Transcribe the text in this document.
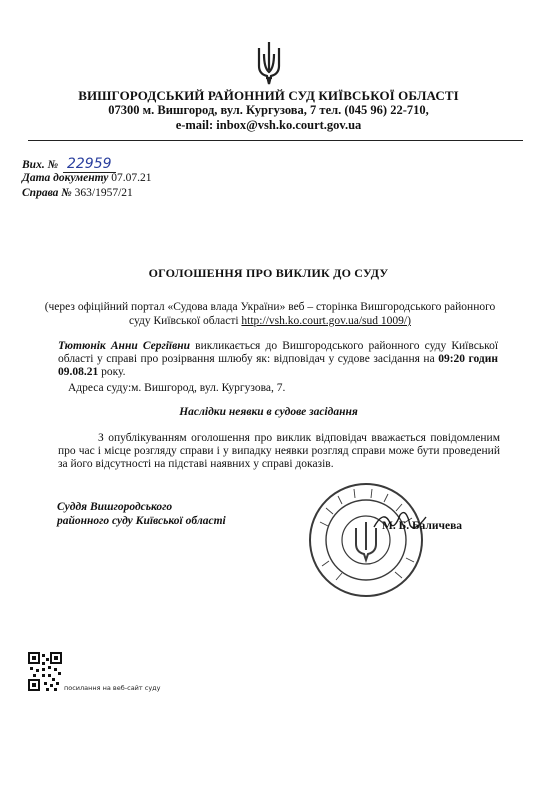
ВИШГОРОДСЬКИЙ РАЙОННИЙ СУД КИЇВСЬКОЇ ОБЛАСТІ
07300 м. Вишгород, вул. Кургузова, 7 тел. (045 96) 22-710,
e-mail: inbox@vsh.ko.court.gov.ua
Вих. № 22959
Дата документу 07.07.21
Справа № 363/1957/21
ОГОЛОШЕННЯ ПРО ВИКЛИК ДО СУДУ
(через офіційний портал «Судова влада України» веб – сторінка Вишгородського районного суду Київської області http://vsh.ko.court.gov.ua/sud 1009/)
Тютюнік Анни Сергіївни викликається до Вишгородського районного суду Київської області у справі про розірвання шлюбу як: відповідач у судове засідання на 09:20 годин 09.08.21 року.
Адреса суду:м. Вишгород, вул. Кургузова, 7.
Наслідки неявки в судове засідання
З опублікуванням оголошення про виклик відповідач вважається повідомленим про час і місце розгляду справи і у випадку неявки розгляд справи може бути проведений за його відсутності на підставі наявних у справі доказів.
Суддя Вишгородського
районного суду Київської області	М. Б. Баличева
посилання на веб-сайт суду
